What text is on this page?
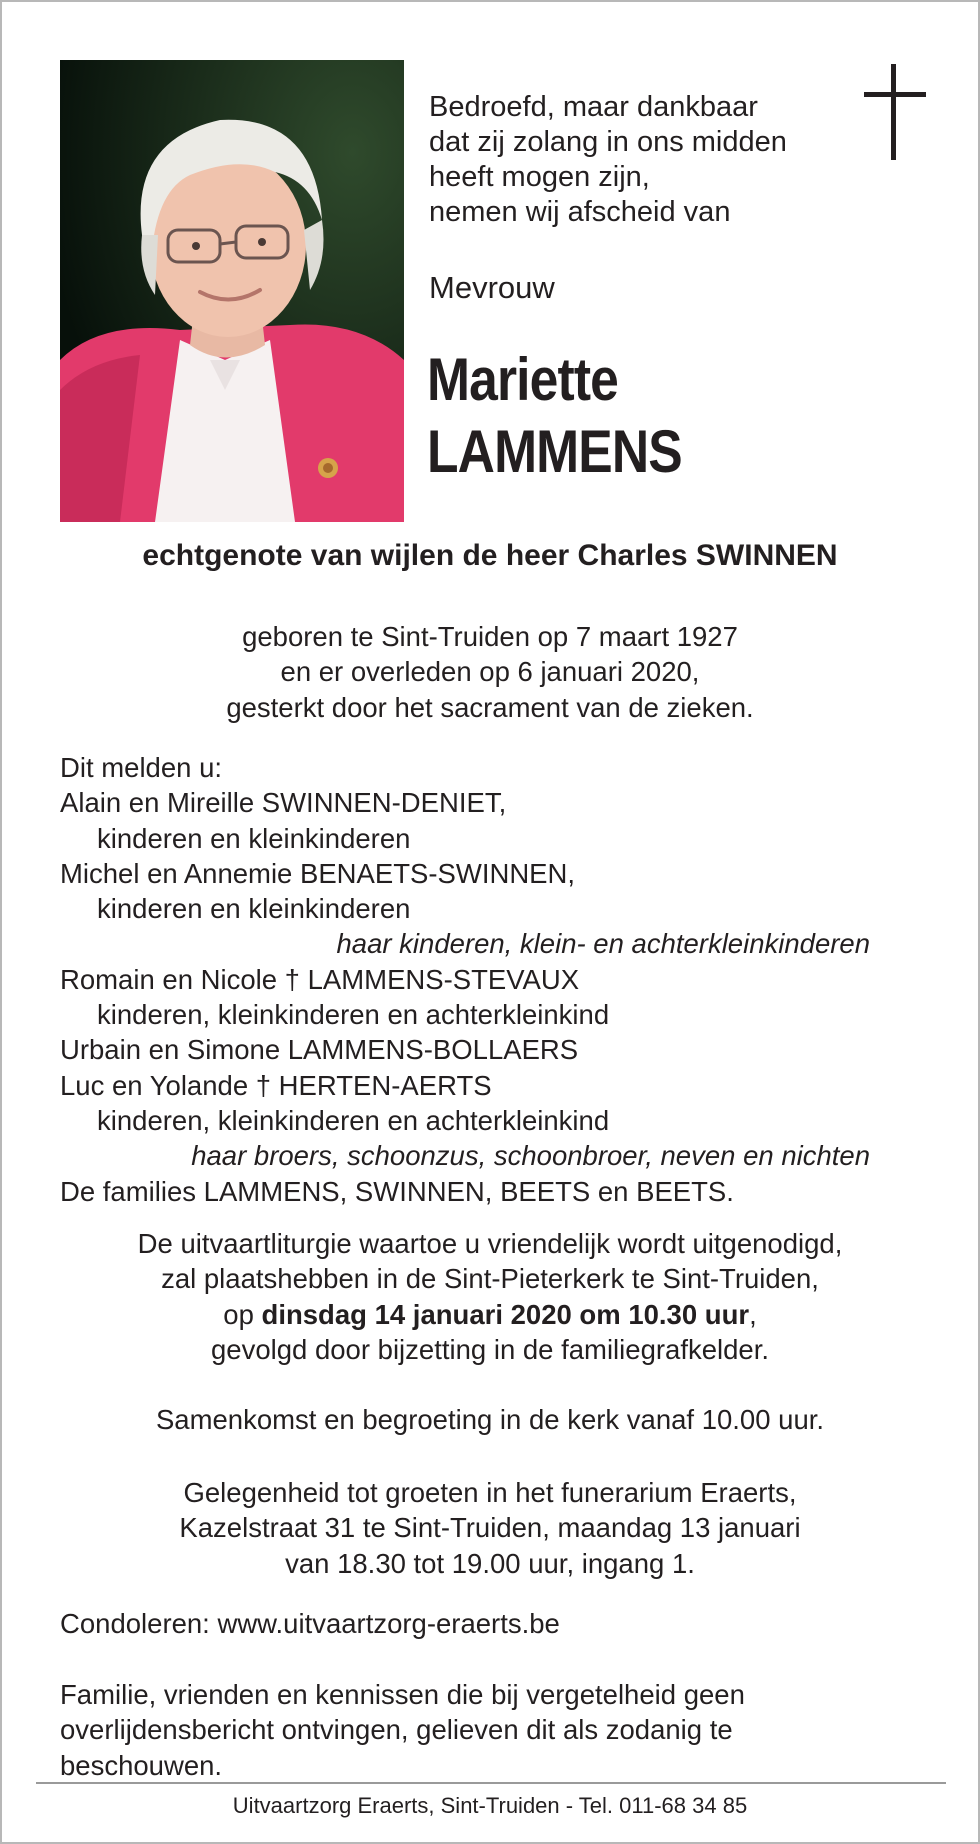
Bedroefd, maar dankbaar
dat zij zolang in ons midden
heeft mogen zijn,
nemen wij afscheid van
Mevrouw
Mariette
LAMMENS
echtgenote van wijlen de heer Charles SWINNEN
geboren te Sint-Truiden op 7 maart 1927
en er overleden op 6 januari 2020,
gesterkt door het sacrament van de zieken.
Dit melden u:
Alain en Mireille SWINNEN-DENIET,
kinderen en kleinkinderen
Michel en Annemie BENAETS-SWINNEN,
kinderen en kleinkinderen
haar kinderen, klein- en achterkleinkinderen
Romain en Nicole † LAMMENS-STEVAUX
kinderen, kleinkinderen en achterkleinkind
Urbain en Simone LAMMENS-BOLLAERS
Luc en Yolande † HERTEN-AERTS
kinderen, kleinkinderen en achterkleinkind
haar broers, schoonzus, schoonbroer, neven en nichten
De families LAMMENS, SWINNEN, BEETS en BEETS.
De uitvaartliturgie waartoe u vriendelijk wordt uitgenodigd,
zal plaatshebben in de Sint-Pieterkerk te Sint-Truiden,
op dinsdag 14 januari 2020 om 10.30 uur,
gevolgd door bijzetting in de familiegrafkelder.
Samenkomst en begroeting in de kerk vanaf 10.00 uur.
Gelegenheid tot groeten in het funerarium Eraerts,
Kazelstraat 31 te Sint-Truiden, maandag 13 januari
van 18.30 tot 19.00 uur, ingang 1.
Condoleren: www.uitvaartzorg-eraerts.be
Familie, vrienden en kennissen die bij vergetelheid geen
overlijdensbericht ontvingen, gelieven dit als zodanig te
beschouwen.
Uitvaartzorg Eraerts, Sint-Truiden - Tel. 011-68 34 85
